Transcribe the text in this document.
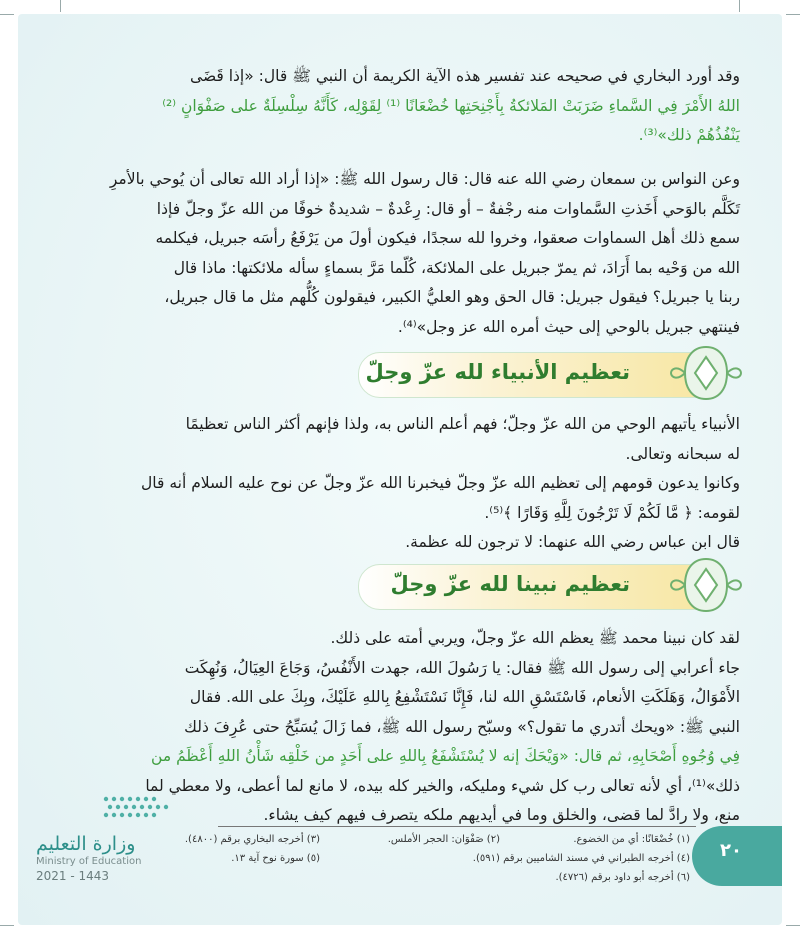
وقد أورد البخاري في صحيحه عند تفسير هذه الآية الكريمة أن النبي ﷺ قال: «إذا قَضَى
اللهُ الأَمْرَ فِي السَّماءِ ضَرَبَتْ المَلائكةُ بِأَجْنِحَتِها خُضْعَانًا ⁽¹⁾ لِقَوْلِه، كَأَنَّهُ سِلْسِلَةٌ على صَفْوَانٍ ⁽²⁾
يَنْفُذُهُمْ ذلك»⁽³⁾.
وعن النواس بن سمعان رضي الله عنه قال: قال رسول الله ﷺ: «إذا أراد الله تعالى أن يُوحي بالأمرِ
تَكَلَّم بالوَحي أَخَذتِ السَّماوات منه رجْفةٌ – أو قال: رِعْدةٌ – شديدةٌ خوفًا من الله عزّ وجلّ فإذا
سمع ذلك أهل السماوات صعقوا، وخروا لله سجدًا، فيكون أولَ من يَرْفَعُ رأسَه جبريل، فيكلمه
الله من وَحْيه بما أَرَادَ، ثم يمرّ جبريل على الملائكة، كُلّما مَرَّ بسماءٍ سأله ملائكتها: ماذا قال
ربنا يا جبريل؟ فيقول جبريل: قال الحق وهو العليُّ الكبير، فيقولون كُلُّهم مثل ما قال جبريل،
فينتهي جبريل بالوحي إلى حيث أمره الله عز وجل»⁽⁴⁾.
تعظيم الأنبياء لله عزّ وجلّ
الأنبياء يأتيهم الوحي من الله عزّ وجلّ؛ فهم أعلم الناس به، ولذا فإنهم أكثر الناس تعظيمًا
له سبحانه وتعالى.
وكانوا يدعون قومهم إلى تعظيم الله عزّ وجلّ فيخبرنا الله عزّ وجلّ عن نوح عليه السلام أنه قال
لقومه: ﴿ مَّا لَكُمْ لَا تَرْجُونَ لِلَّهِ وَقَارًا ﴾⁽⁵⁾.
قال ابن عباس رضي الله عنهما: لا ترجون لله عظمة.
تعظيم نبينا لله عزّ وجلّ
لقد كان نبينا محمد ﷺ يعظم الله عزّ وجلّ، ويربي أمته على ذلك.
جاء أعرابي إلى رسول الله ﷺ فقال: يا رَسُولَ الله، جهدت الأَنْفُسُ، وَجَاعَ العِيَالُ، وَنُهِكَت
الأَمْوَالُ، وَهَلَكَتِ الأنعام، فَاسْتَسْقِ الله لنا، فَإِنَّا نَسْتَشْفِعُ بِاللهِ عَلَيْكَ، وبِكَ على الله. فقال
النبي ﷺ: «ويحك أتدري ما تقول؟» وسبّح رسول الله ﷺ، فما زَالَ يُسَبِّحُ حتى عُرِفَ ذلك
فِي وُجُوهِ أَصْحَابِهِ، ثم قال: «وَيْحَكَ إنه لا يُسْتَشْفَعُ بِاللهِ على أَحَدٍ من خَلْقِه شَأْنُ اللهِ أَعْظَمُ من
ذلك»⁽¹⁾، أي لأنه تعالى رب كل شيء ومليكه، والخير كله بيده، لا مانع لما أعطى، ولا معطي لما
منع، ولا رادَّ لما قضى، والخلق وما في أيديهم ملكه يتصرف فيهم كيف يشاء.
(١) خُضْعَانًا: أي من الخضوع.
(٢) صَفْوَان: الحجر الأملس.
(٣) أخرجه البخاري برقم (٤٨٠٠).
(٤) أخرجه الطبراني في مسند الشاميين برقم (٥٩١).
(٥) سورة نوح آية ١٣.
(٦) أخرجه أبو داود برقم (٤٧٢٦).
٢٠
وزارة التعليم
Ministry of Education
2021 - 1443
